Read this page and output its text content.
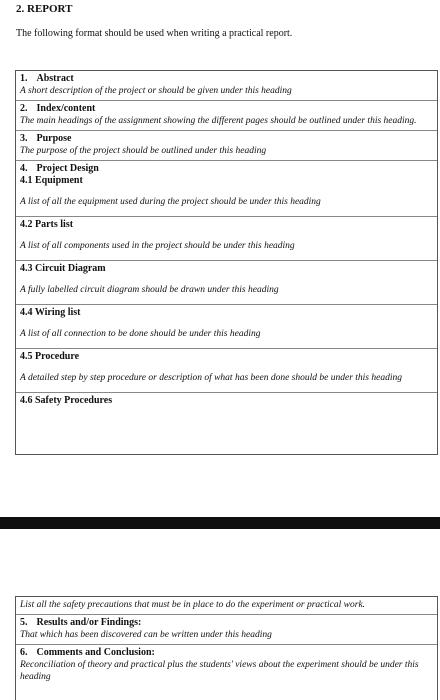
2. REPORT
The following format should be used when writing a practical report.
1. Abstract
A short description of the project or should be given under this heading
2. Index/content
The main headings of the assignment showing the different pages should be outlined under this heading.
3. Purpose
The purpose of the project should be outlined under this heading
4. Project Design
4.1 Equipment
A list of all the equipment used during the project should be under this heading
4.2 Parts list
A list of all components used in the project should be under this heading
4.3 Circuit Diagram
A fully labelled circuit diagram should be drawn under this heading
4.4 Wiring list
A list of all connection to be done should be under this heading
4.5 Procedure
A detailed step by step procedure or description of what has been done should be under this heading
4.6 Safety Procedures
List all the safety precautions that must be in place to do the experiment or practical work.
5. Results and/or Findings:
That which has been discovered can be written under this heading
6. Comments and Conclusion:
Reconciliation of theory and practical plus the students' views about the experiment should be under this heading
